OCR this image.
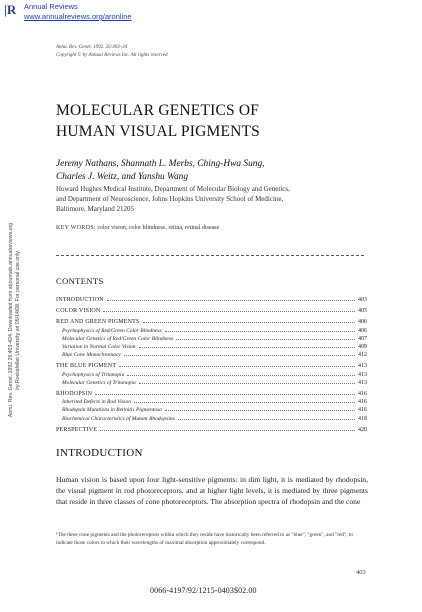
|R Annual Reviews
www.annualreviews.org/aronline
Annu. Rev. Genet. 1992.26:403-424. Downloaded from arjournals.annualreviews.org by Rockefeller University on 05/14/08. For personal use only.
Annu. Rev. Genet. 1992. 26:403–24
Copyright © by Annual Reviews Inc. All rights reserved
MOLECULAR GENETICS OF
HUMAN VISUAL PIGMENTS
Jeremy Nathans, Shannath L. Merbs, Ching-Hwa Sung,
Charles J. Weitz, and Yanshu Wang
Howard Hughes Medical Institute, Department of Molecular Biology and Genetics,
and Department of Neuroscience, Johns Hopkins University School of Medicine,
Baltimore, Maryland 21205
KEY WORDS: color vision, color blindness, retina, retinal disease
CONTENTS
INTRODUCTION	403
COLOR VISION	405
RED AND GREEN PIGMENTS	406
Psychophysics of Red/Green Color Blindness	406
Molecular Genetics of Red/Green Color Blindness	407
Variation in Normal Color Vision	409
Blue Cone Monochromacy	412
THE BLUE PIGMENT	413
Psychophysics of Tritanopia	413
Molecular Genetics of Tritanopia	413
RHODOPSIN	416
Inherited Defects in Rod Vision	416
Rhodopsin Mutations in Retinitis Pigmentosa	416
Biochemical Characteristics of Mutant Rhodopsins	418
PERSPECTIVE	420
INTRODUCTION
Human vision is based upon four light-sensitive pigments: in dim light, it is mediated by rhodopsin, the visual pigment in rod photoreceptors, and at higher light levels, it is mediated by three pigments that reside in three classes of cone photoreceptors. The absorption spectra of rhodopsin and the cone
¹The three cone pigments and the photoreceptors within which they reside have historically been referred to as "blue", "green", and "red", to indicate those colors to which their wavelengths of maximal absorption approximately correspond.
403
0066-4197/92/1215-0403$02.00
